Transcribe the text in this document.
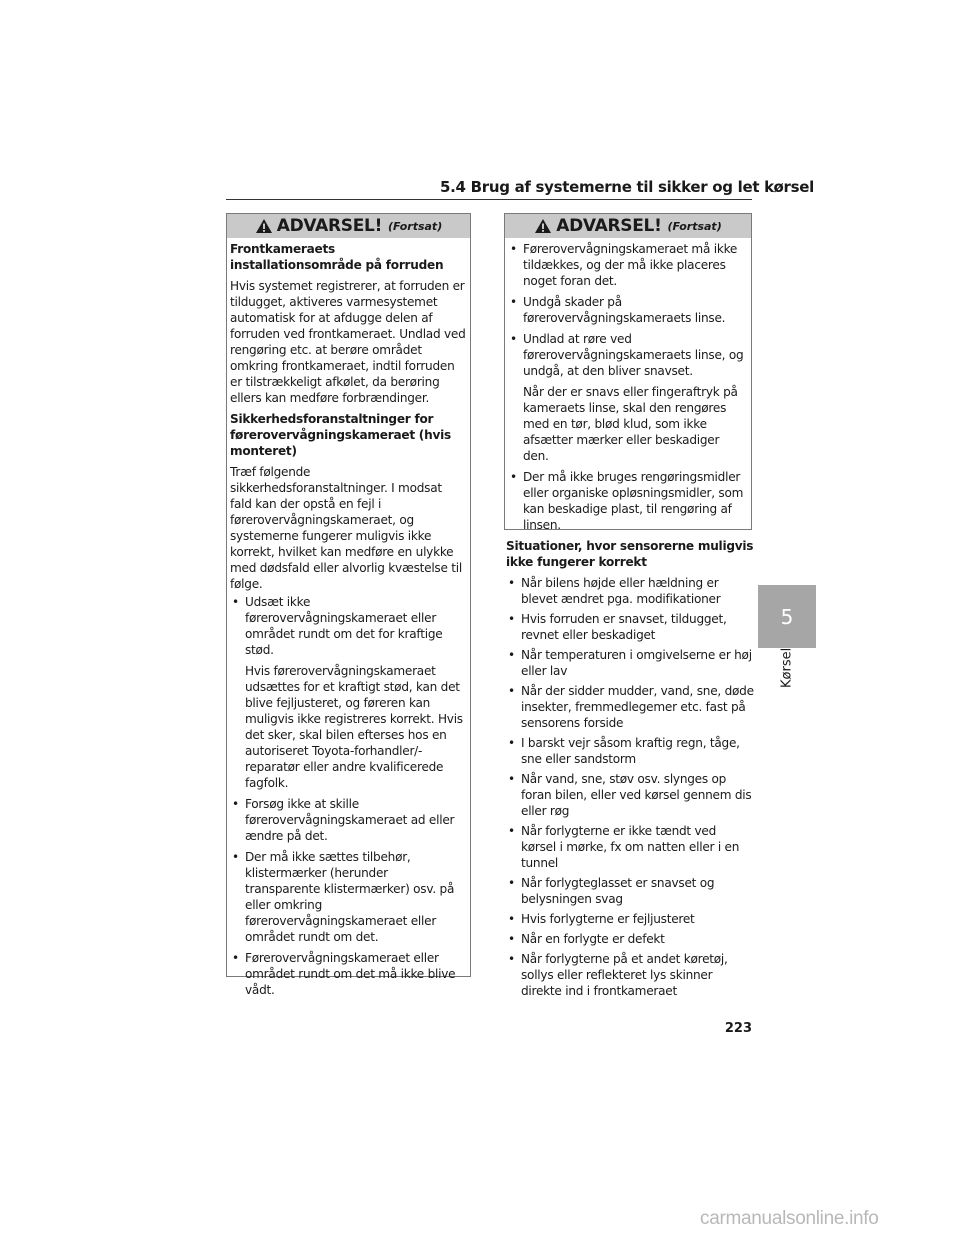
5.4 Brug af systemerne til sikker og let kørsel
ADVARSEL! (Fortsat)

Frontkameraets installationsområde på forruden

Hvis systemet registrerer, at forruden er tildugget, aktiveres varmesystemet automatisk for at afdugge delen af forruden ved frontkameraet. Undlad ved rengøring etc. at berøre området omkring frontkameraet, indtil forruden er tilstrækkeligt afkølet, da berøring ellers kan medføre forbrændinger.

Sikkerhedsforanstaltninger for førerovervågningskameraet (hvis monteret)

Træf følgende sikkerhedsforanstaltninger. I modsat fald kan der opstå en fejl i førerovervågningskameraet, og systemerne fungerer muligvis ikke korrekt, hvilket kan medføre en ulykke med dødsfald eller alvorlig kvæstelse til følge.

• Udsæt ikke førerovervågningskameraet eller området rundt om det for kraftige stød.

Hvis førerovervågningskameraet udsættes for et kraftigt stød, kan det blive fejljusteret, og føreren kan muligvis ikke registreres korrekt. Hvis det sker, skal bilen efterses hos en autoriseret Toyota-forhandler/-reparatør eller andre kvalificerede fagfolk.

• Forsøg ikke at skille førerovervågningskameraet ad eller ændre på det.

• Der må ikke sættes tilbehør, klistermærker (herunder transparente klistermærker) osv. på eller omkring førerovervågningskameraet eller området rundt om det.

• Førerovervågningskameraet eller området rundt om det må ikke blive vådt.

ADVARSEL! (Fortsat)

• Førerovervågningskameraet må ikke tildækkes, og der må ikke placeres noget foran det.

• Undgå skader på førerovervågningskameraets linse.

• Undlad at røre ved førerovervågningskameraets linse, og undgå, at den bliver snavset.

Når der er snavs eller fingeraftryk på kameraets linse, skal den rengøres med en tør, blød klud, som ikke afsætter mærker eller beskadiger den.

• Der må ikke bruges rengøringsmidler eller organiske opløsningsmidler, som kan beskadige plast, til rengøring af linsen.

Situationer, hvor sensorerne muligvis ikke fungerer korrekt

• Når bilens højde eller hældning er blevet ændret pga. modifikationer

• Hvis forruden er snavset, tildugget, revnet eller beskadiget

• Når temperaturen i omgivelserne er høj eller lav

• Når der sidder mudder, vand, sne, døde insekter, fremmedlegemer etc. fast på sensorens forside

• I barskt vejr såsom kraftig regn, tåge, sne eller sandstorm

• Når vand, sne, støv osv. slynges op foran bilen, eller ved kørsel gennem dis eller røg

• Når forlygterne er ikke tændt ved kørsel i mørke, fx om natten eller i en tunnel

• Når forlygteglasset er snavset og belysningen svag

• Hvis forlygterne er fejljusteret

• Når en forlygte er defekt

• Når forlygterne på et andet køretøj, sollys eller reflekteret lys skinner direkte ind i frontkameraet

223
5
Kørsel
carmanualsonline.info
